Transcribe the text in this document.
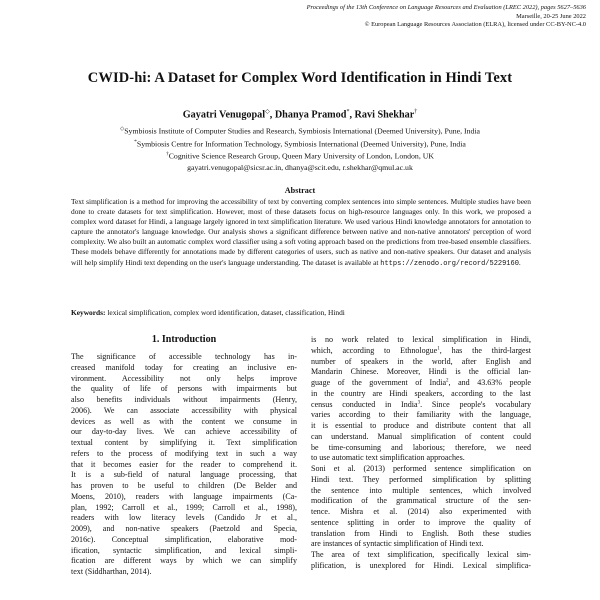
Proceedings of the 13th Conference on Language Resources and Evaluation (LREC 2022), pages 5627–5636
Marseille, 20-25 June 2022
© European Language Resources Association (ELRA), licensed under CC-BY-NC-4.0
CWID-hi: A Dataset for Complex Word Identification in Hindi Text
Gayatri Venugopal◇, Dhanya Pramod*, Ravi Shekhar†
◇Symbiosis Institute of Computer Studies and Research, Symbiosis International (Deemed University), Pune, India
*Symbiosis Centre for Information Technology, Symbiosis International (Deemed University), Pune, India
†Cognitive Science Research Group, Queen Mary University of London, London, UK
gayatri.venugopal@sicsr.ac.in, dhanya@scit.edu, r.shekhar@qmul.ac.uk
Abstract
Text simplification is a method for improving the accessibility of text by converting complex sentences into simple sentences. Multiple studies have been done to create datasets for text simplification. However, most of these datasets focus on high-resource languages only. In this work, we proposed a complex word dataset for Hindi, a language largely ignored in text simplification literature. We used various Hindi knowledge annotators for annotation to capture the annotator's language knowledge. Our analysis shows a significant difference between native and non-native annotators' perception of word complexity. We also built an automatic complex word classifier using a soft voting approach based on the predictions from tree-based ensemble classifiers. These models behave differently for annotations made by different categories of users, such as native and non-native speakers. Our dataset and analysis will help simplify Hindi text depending on the user's language understanding. The dataset is available at https://zenodo.org/record/5229160.
Keywords: lexical simplification, complex word identification, dataset, classification, Hindi
1. Introduction
The significance of accessible technology has in-
creased manifold today for creating an inclusive en-
vironment. Accessibility not only helps improve
the quality of life of persons with impairments but
also benefits individuals without impairments (Henry,
2006). We can associate accessibility with physical
devices as well as with the content we consume in
our day-to-day lives. We can achieve accessibility of
textual content by simplifying it. Text simplification
refers to the process of modifying text in such a way
that it becomes easier for the reader to comprehend it.
It is a sub-field of natural language processing, that
has proven to be useful to children (De Belder and
Moens, 2010), readers with language impairments (Ca-
plan, 1992; Carroll et al., 1999; Carroll et al., 1998),
readers with low literacy levels (Candido Jr et al.,
2009), and non-native speakers (Paetzold and Specia,
2016c). Conceptual simplification, elaborative mod-
ification, syntactic simplification, and lexical simpli-
fication are different ways by which we can simplify
text (Siddharthan, 2014).
is no work related to lexical simplification in Hindi,
which, according to Ethnologue$^1$, has the third-largest
number of speakers in the world, after English and
Mandarin Chinese. Moreover, Hindi is the official lan-
guage of the government of India$^2$, and 43.63% people
in the country are Hindi speakers, according to the last
census conducted in India$^3$. Since people's vocabulary
varies according to their familiarity with the language,
it is essential to produce and distribute content that all
can understand. Manual simplification of content could
be time-consuming and laborious; therefore, we need
to use automatic text simplification approaches.
Soni et al. (2013) performed sentence simplification on
Hindi text. They performed simplification by splitting
the sentence into multiple sentences, which involved
modification of the grammatical structure of the sen-
tence. Mishra et al. (2014) also experimented with
sentence splitting in order to improve the quality of
translation from Hindi to English. Both these studies
are instances of syntactic simplification of Hindi text.
The area of text simplification, specifically lexical sim-
plification, is unexplored for Hindi. Lexical simplifica-
